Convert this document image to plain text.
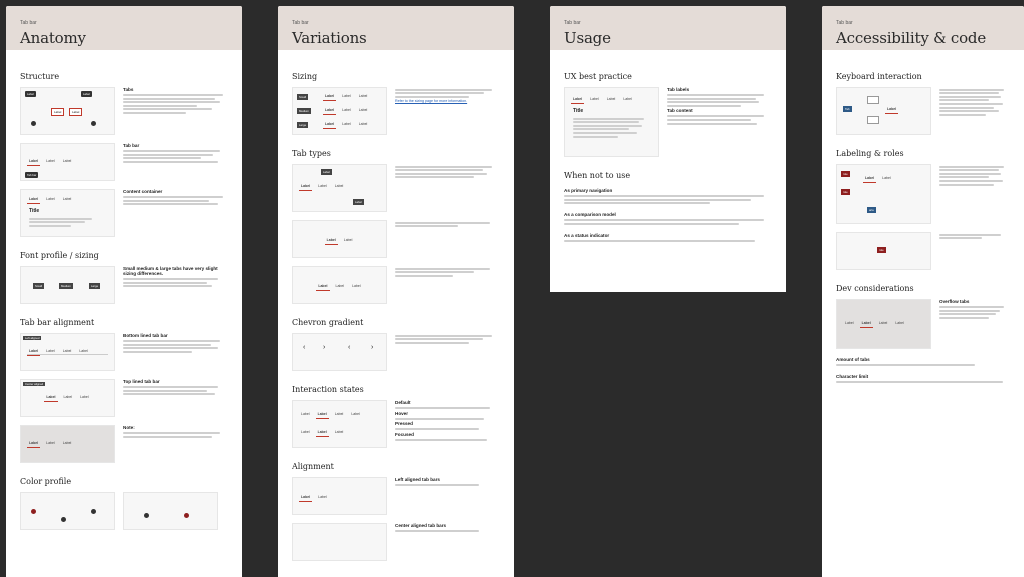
Tab bar
Anatomy
Structure
Label	Label
Label	Label
Tabs
Label	Label	Label
Tab bar
Tab bar
Label	Label	Label
Title
Content container
Font profile / sizing
Small	Medium	Large
Small medium & large tabs have very slight sizing differences.
Tab bar alignment
Left aligned
Label	Label	Label	Label
Bottom lined tab bar
Center aligned
Label	Label	Label
Top lined tab bar
Label	Label	Label
Note:
Color profile
Tab bar
Variations
Sizing
Small
Medium
Large
Label	Label	Label
Label	Label	Label
Label	Label	Label
Refer to the sizing page for more information.
Tab types
Label
Label	Label	Label
Label
Label	Label
Label	Label	Label
Chevron gradient
‹	›	‹	›
Interaction states
Label	Label	Label	Label
Label	Label	Label
Default
Hover
Pressed
Focused
Alignment
Label	Label
Left aligned tab bars
Center aligned tab bars
Tab bar
Usage
UX best practice
Label	Label	Label	Label
Title
Tab labels
Tab content
When not to use
As primary navigation
As a comparison model
As a status indicator
Tab bar
Accessibility & code
Keyboard interaction
Tab	Label
Labeling & roles
role
role
Label	Label
aria
role
Dev considerations
Label	Label	Label	Label
Overflow tabs
Amount of tabs
Character limit
